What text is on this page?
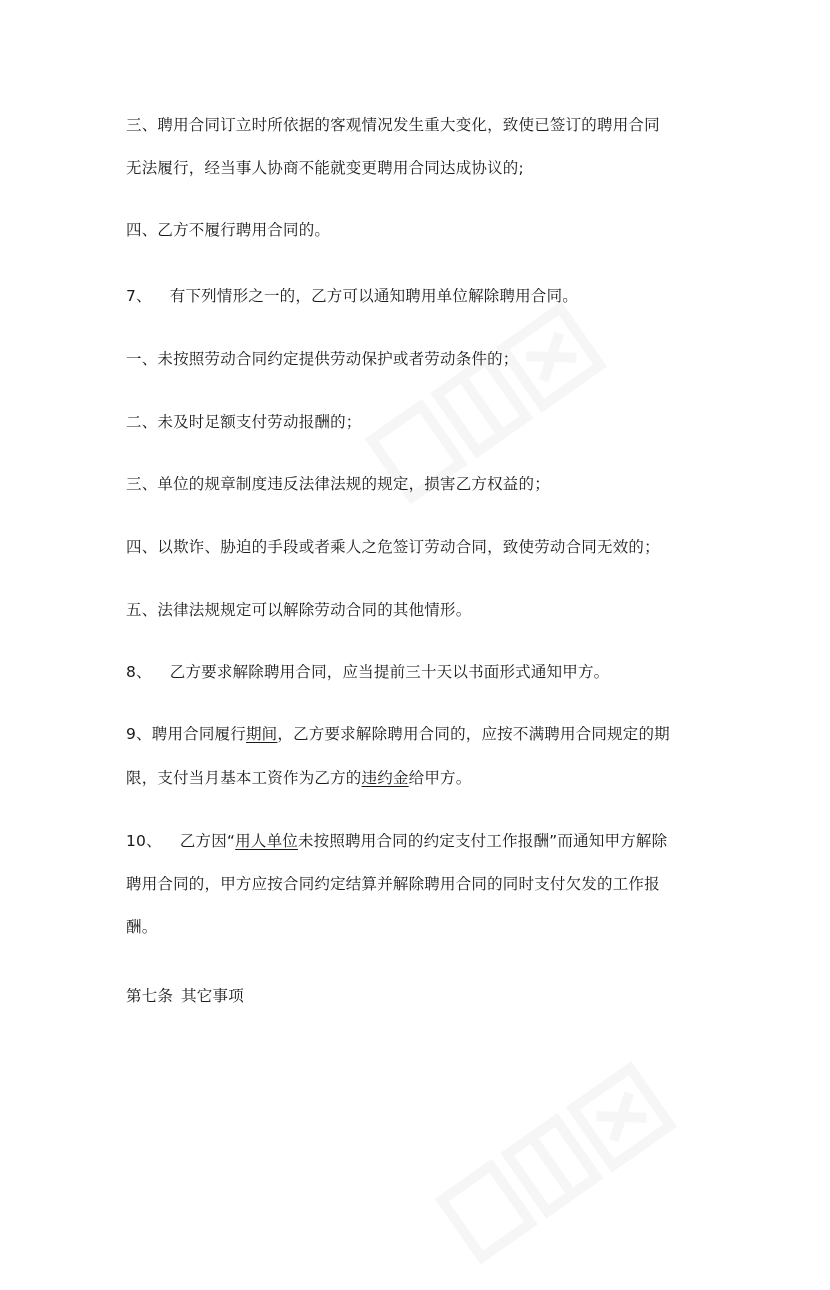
三、聘用合同订立时所依据的客观情况发生重大变化，致使已签订的聘用合同
无法履行，经当事人协商不能就变更聘用合同达成协议的;
四、乙方不履行聘用合同的。
7、 有下列情形之一的，乙方可以通知聘用单位解除聘用合同。
一、未按照劳动合同约定提供劳动保护或者劳动条件的；
二、未及时足额支付劳动报酬的；
三、单位的规章制度违反法律法规的规定，损害乙方权益的；
四、以欺诈、胁迫的手段或者乘人之危签订劳动合同，致使劳动合同无效的；
五、法律法规规定可以解除劳动合同的其他情形。
8、 乙方要求解除聘用合同，应当提前三十天以书面形式通知甲方。
9、聘用合同履行期间，乙方要求解除聘用合同的，应按不满聘用合同规定的期
限，支付当月基本工资作为乙方的违约金给甲方。
10、 乙方因“用人单位未按照聘用合同的约定支付工作报酬”而通知甲方解除
聘用合同的，甲方应按合同约定结算并解除聘用合同的同时支付欠发的工作报
酬。
第七条 其它事项
